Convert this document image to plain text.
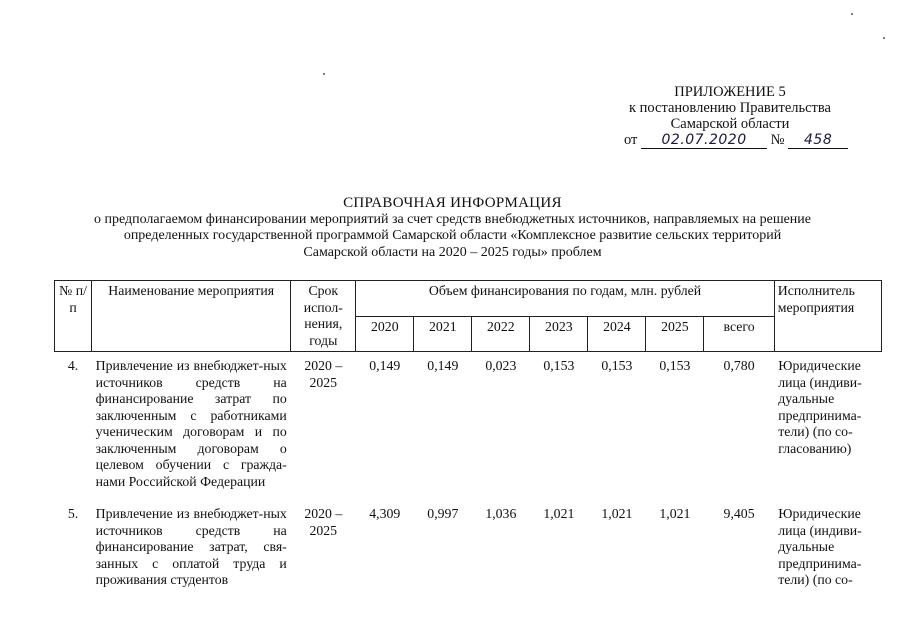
ПРИЛОЖЕНИЕ 5
к постановлению Правительства
Самарской области
от 02.07.2020 № 458
СПРАВОЧНАЯ ИНФОРМАЦИЯ
о предполагаемом финансировании мероприятий за счет средств внебюджетных источников, направляемых на решение
определенных государственной программой Самарской области «Комплексное развитие сельских территорий
Самарской области на 2020 – 2025 годы» проблем
№ п/п	Наименование мероприятия	Срок испол-нения, годы	Объем финансирования по годам, млн. рублей							Исполнитель мероприятия
			2020	2021	2022	2023	2024	2025	всего	
4.	Привлечение из внебюджет-ных источников средств на финансирование затрат по заключенным с работниками ученическим договорам и по заключенным договорам о целевом обучении с гражда-нами Российской Федерации	2020 – 2025	0,149	0,149	0,023	0,153	0,153	0,153	0,780	Юридические лица (индиви-дуальные предпринима-тели) (по со-гласованию)
5.	Привлечение из внебюджет-ных источников средств на финансирование затрат, свя-занных с оплатой труда и проживания студентов	2020 – 2025	4,309	0,997	1,036	1,021	1,021	1,021	9,405	Юридические лица (индиви-дуальные предпринима-тели) (по со-
